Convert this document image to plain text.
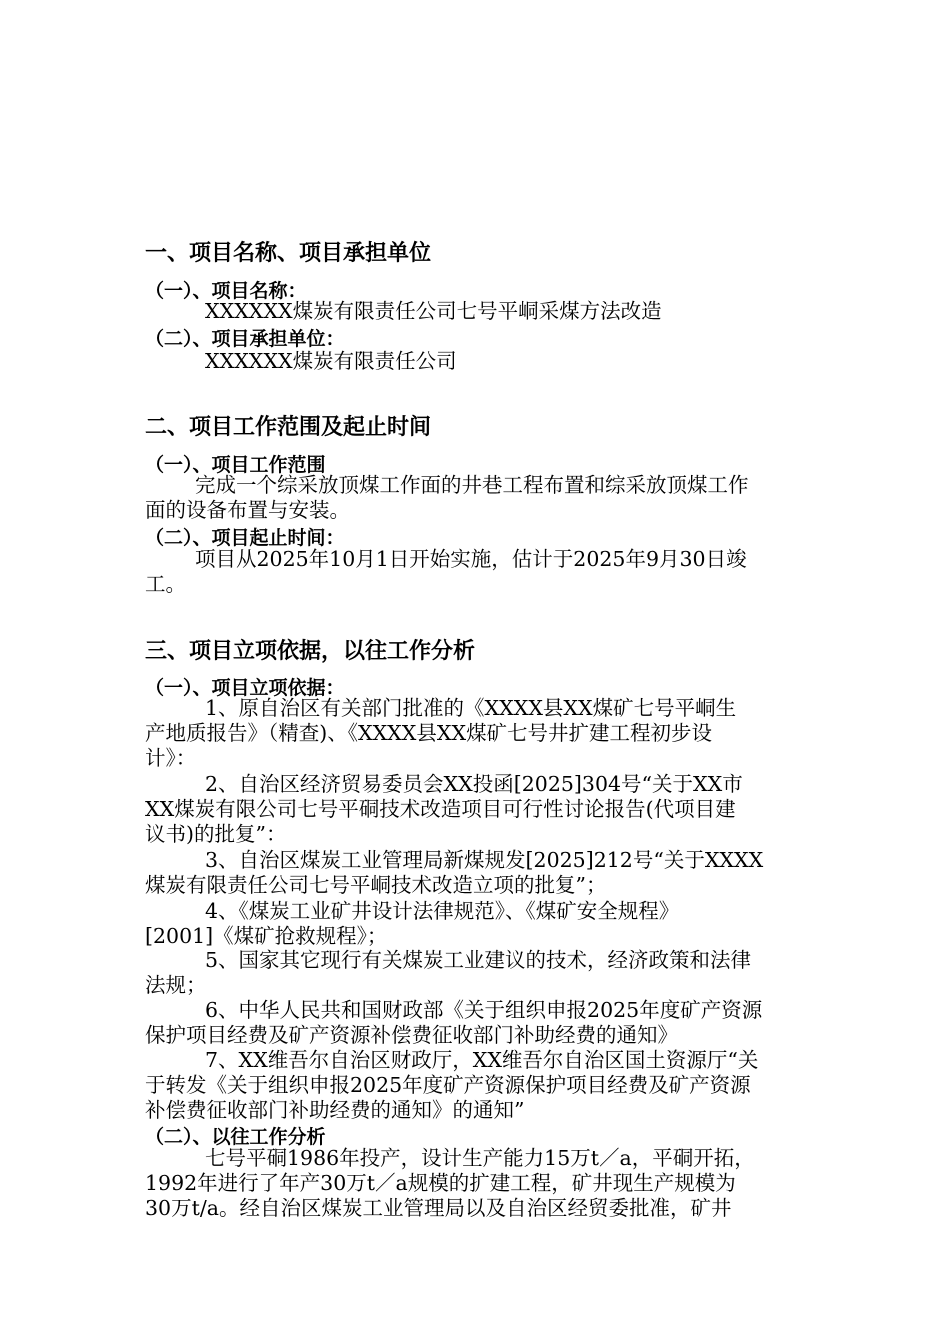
一、项目名称、项目承担单位
（一）、项目名称：
XXXXXX煤炭有限责任公司七号平峒采煤方法改造
（二）、项目承担单位：
XXXXXX煤炭有限责任公司
二、项目工作范围及起止时间
（一）、项目工作范围
完成一个综采放顶煤工作面的井巷工程布置和综采放顶煤工作
面的设备布置与安装。
（二）、项目起止时间：
项目从2025年10月1日开始实施，估计于2025年9月30日竣
工。
三、项目立项依据，以往工作分析
（一）、项目立项依据：
1、原自治区有关部门批准的《XXXX县XX煤矿七号平峒生
产地质报告》（精查)、《XXXX县XX煤矿七号井扩建工程初步设
计》：
2、自治区经济贸易委员会XX投函[2025]304号“关于XX市
XX煤炭有限公司七号平硐技术改造项目可行性讨论报告(代项目建
议书)的批复”：
3、自治区煤炭工业管理局新煤规发[2025]212号“关于XXXX
煤炭有限责任公司七号平峒技术改造立项的批复”；
4、《煤炭工业矿井设计法律规范》、《煤矿安全规程》
[2001]《煤矿抢救规程》；
5、国家其它现行有关煤炭工业建议的技术，经济政策和法律
法规；
6、中华人民共和国财政部《关于组织申报2025年度矿产资源
保护项目经费及矿产资源补偿费征收部门补助经费的通知》
7、XX维吾尔自治区财政厅，XX维吾尔自治区国土资源厅“关
于转发《关于组织申报2025年度矿产资源保护项目经费及矿产资源
补偿费征收部门补助经费的通知》的通知”
（二）、以往工作分析
七号平硐1986年投产，设计生产能力15万t／a，平硐开拓，
1992年进行了年产30万t／a规模的扩建工程，矿井现生产规模为
30万t/a。经自治区煤炭工业管理局以及自治区经贸委批准，矿井
